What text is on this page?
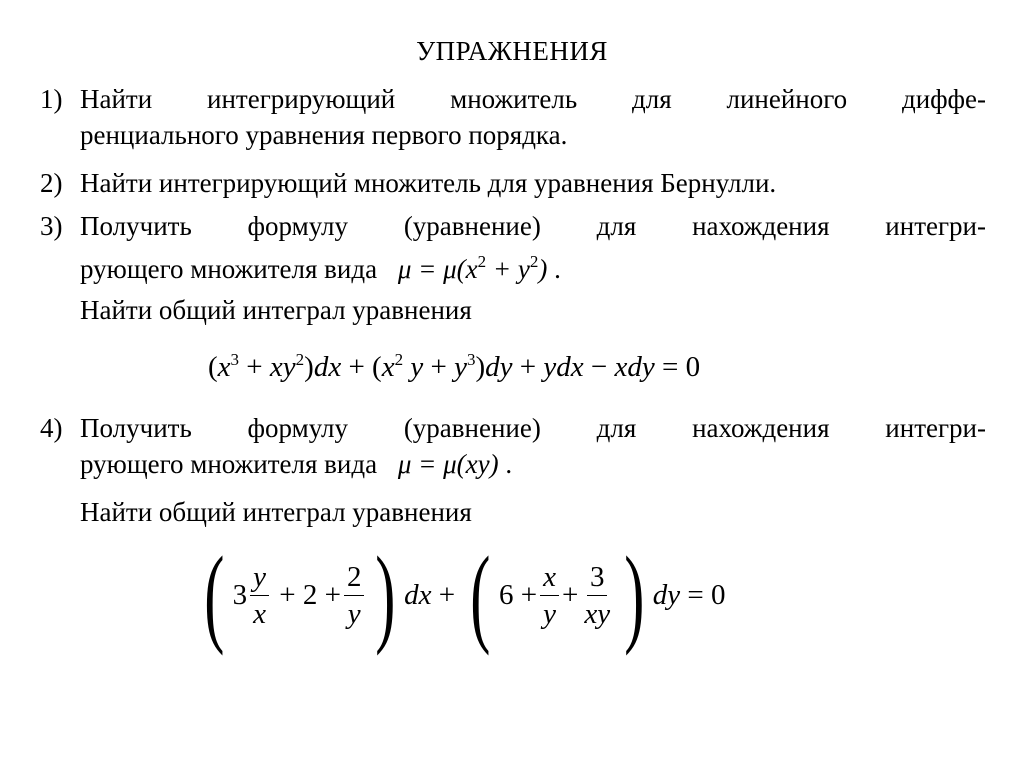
УПРАЖНЕНИЯ
1) Найти интегрирующий множитель для линейного диффе-
ренциального уравнения первого порядка.
2) Найти интегрирующий множитель для уравнения Бернулли.
3) Получить формулу (уравнение) для нахождения интегри-
рующего множителя вида $\mu = \mu(x^2 + y^2)$ .
Найти общий интеграл уравнения
$(x^3 + xy^2)dx + (x^2$ $y + y^3)dy$ + ydx − xdy = 0
4) Получить формулу (уравнение) для нахождения интегри-
рующего множителя вида μ = μ(xy) .
Найти общий интеграл уравнения
( $3 \frac{y}{x} + 2 + \frac{2}{y}$ ) dx + ( $6 + \frac{x}{y} + \frac{3}{xy}$ ) dy = 0
